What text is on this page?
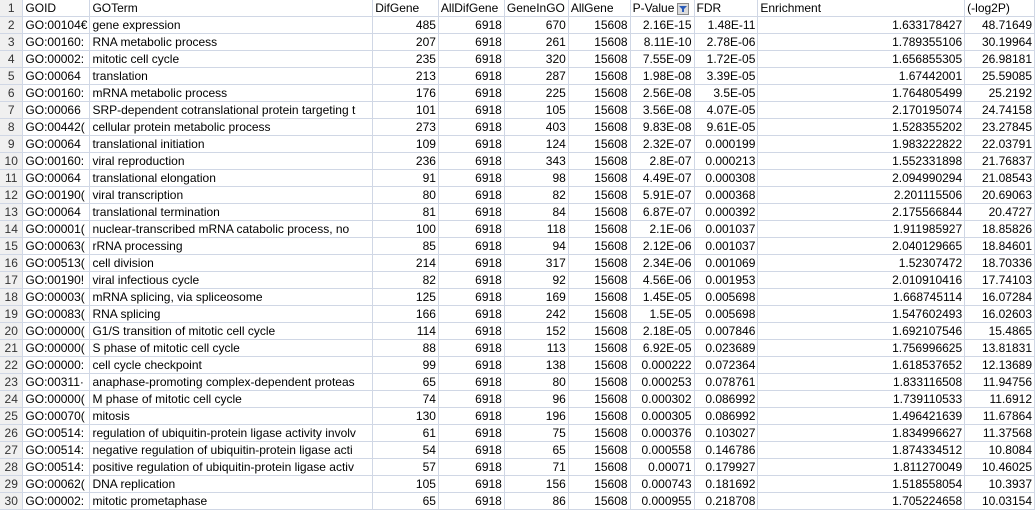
1	GOID	GOTerm	DifGene	AllDifGene	GeneInGO	AllGene	P-Value	FDR	Enrichment	(-log2P)
2	GO:00104€	gene expression	485	6918	670	15608	2.16E-15	1.48E-11	1.633178427	48.71649
3	GO:00160:	RNA metabolic process	207	6918	261	15608	8.11E-10	2.78E-06	1.789355106	30.19964
4	GO:00002:	mitotic cell cycle	235	6918	320	15608	7.55E-09	1.72E-05	1.656855305	26.98181
5	GO:00064	translation	213	6918	287	15608	1.98E-08	3.39E-05	1.67442001	25.59085
6	GO:00160:	mRNA metabolic process	176	6918	225	15608	2.56E-08	3.5E-05	1.764805499	25.2192
7	GO:00066	SRP-dependent cotranslational protein targeting t	101	6918	105	15608	3.56E-08	4.07E-05	2.170195074	24.74158
8	GO:00442(	cellular protein metabolic process	273	6918	403	15608	9.83E-08	9.61E-05	1.528355202	23.27845
9	GO:00064	translational initiation	109	6918	124	15608	2.32E-07	0.000199	1.983222822	22.03791
10	GO:00160:	viral reproduction	236	6918	343	15608	2.8E-07	0.000213	1.552331898	21.76837
11	GO:00064	translational elongation	91	6918	98	15608	4.49E-07	0.000308	2.094990294	21.08543
12	GO:00190(	viral transcription	80	6918	82	15608	5.91E-07	0.000368	2.201115506	20.69063
13	GO:00064	translational termination	81	6918	84	15608	6.87E-07	0.000392	2.175566844	20.4727
14	GO:00001(	nuclear-transcribed mRNA catabolic process, no	100	6918	118	15608	2.1E-06	0.001037	1.911985927	18.85826
15	GO:00063(	rRNA processing	85	6918	94	15608	2.12E-06	0.001037	2.040129665	18.84601
16	GO:00513(	cell division	214	6918	317	15608	2.34E-06	0.001069	1.52307472	18.70336
17	GO:00190!	viral infectious cycle	82	6918	92	15608	4.56E-06	0.001953	2.010910416	17.74103
18	GO:00003(	mRNA splicing, via spliceosome	125	6918	169	15608	1.45E-05	0.005698	1.668745114	16.07284
19	GO:00083(	RNA splicing	166	6918	242	15608	1.5E-05	0.005698	1.547602493	16.02603
20	GO:00000(	G1/S transition of mitotic cell cycle	114	6918	152	15608	2.18E-05	0.007846	1.692107546	15.4865
21	GO:00000(	S phase of mitotic cell cycle	88	6918	113	15608	6.92E-05	0.023689	1.756996625	13.81831
22	GO:00000:	cell cycle checkpoint	99	6918	138	15608	0.000222	0.072364	1.618537652	12.13689
23	GO:00311·	anaphase-promoting complex-dependent proteas	65	6918	80	15608	0.000253	0.078761	1.833116508	11.94756
24	GO:00000(	M phase of mitotic cell cycle	74	6918	96	15608	0.000302	0.086992	1.739110533	11.6912
25	GO:00070(	mitosis	130	6918	196	15608	0.000305	0.086992	1.496421639	11.67864
26	GO:00514:	regulation of ubiquitin-protein ligase activity involv	61	6918	75	15608	0.000376	0.103027	1.834996627	11.37568
27	GO:00514:	negative regulation of ubiquitin-protein ligase acti	54	6918	65	15608	0.000558	0.146786	1.874334512	10.8084
28	GO:00514:	positive regulation of ubiquitin-protein ligase activ	57	6918	71	15608	0.00071	0.179927	1.811270049	10.46025
29	GO:00062(	DNA replication	105	6918	156	15608	0.000743	0.181692	1.518558054	10.3937
30	GO:00002:	mitotic prometaphase	65	6918	86	15608	0.000955	0.218708	1.705224658	10.03154
